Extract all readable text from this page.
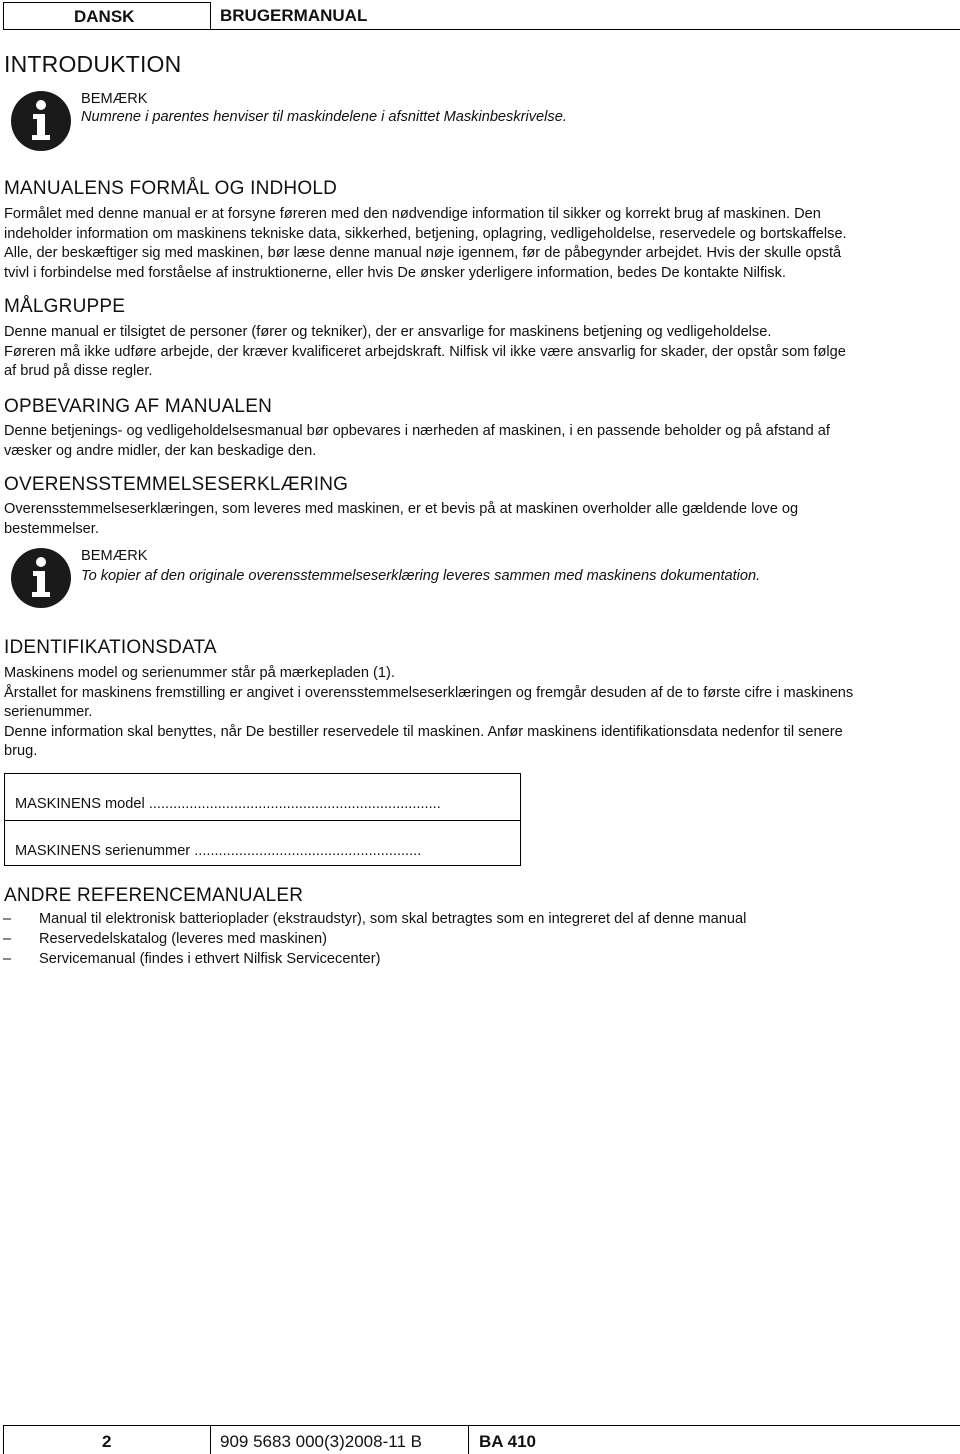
DANSK	BRUGERMANUAL
INTRODUKTION
BEMÆRK
Numrene i parentes henviser til maskindelene i afsnittet Maskinbeskrivelse.
MANUALENS FORMÅL OG INDHOLD
Formålet med denne manual er at forsyne føreren med den nødvendige information til sikker og korrekt brug af maskinen. Den
indeholder information om maskinens tekniske data, sikkerhed, betjening, oplagring, vedligeholdelse, reservedele og bortskaffelse.
Alle, der beskæftiger sig med maskinen, bør læse denne manual nøje igennem, før de påbegynder arbejdet. Hvis der skulle opstå
tvivl i forbindelse med forståelse af instruktionerne, eller hvis De ønsker yderligere information, bedes De kontakte Nilfisk.
MÅLGRUPPE
Denne manual er tilsigtet de personer (fører og tekniker), der er ansvarlige for maskinens betjening og vedligeholdelse.
Føreren må ikke udføre arbejde, der kræver kvalificeret arbejdskraft. Nilfisk vil ikke være ansvarlig for skader, der opstår som følge
af brud på disse regler.
OPBEVARING AF MANUALEN
Denne betjenings- og vedligeholdelsesmanual bør opbevares i nærheden af maskinen, i en passende beholder og på afstand af
væsker og andre midler, der kan beskadige den.
OVERENSSTEMMELSESERKLÆRING
Overensstemmelseserklæringen, som leveres med maskinen, er et bevis på at maskinen overholder alle gældende love og
bestemmelser.
BEMÆRK
To kopier af den originale overensstemmelseserklæring leveres sammen med maskinens dokumentation.
IDENTIFIKATIONSDATA
Maskinens model og serienummer står på mærkepladen (1).
Årstallet for maskinens fremstilling er angivet i overensstemmelseserklæringen og fremgår desuden af de to første cifre i maskinens
serienummer.
Denne information skal benyttes, når De bestiller reservedele til maskinen. Anfør maskinens identifikationsdata nedenfor til senere
brug.
MASKINENS model ........................................................................
MASKINENS serienummer ........................................................
ANDRE REFERENCEMANUALER
– Manual til elektronisk batterioplader (ekstraudstyr), som skal betragtes som en integreret del af denne manual
– Reservedelskatalog (leveres med maskinen)
– Servicemanual (findes i ethvert Nilfisk Servicecenter)
2	909 5683 000(3)2008-11 B	BA 410
